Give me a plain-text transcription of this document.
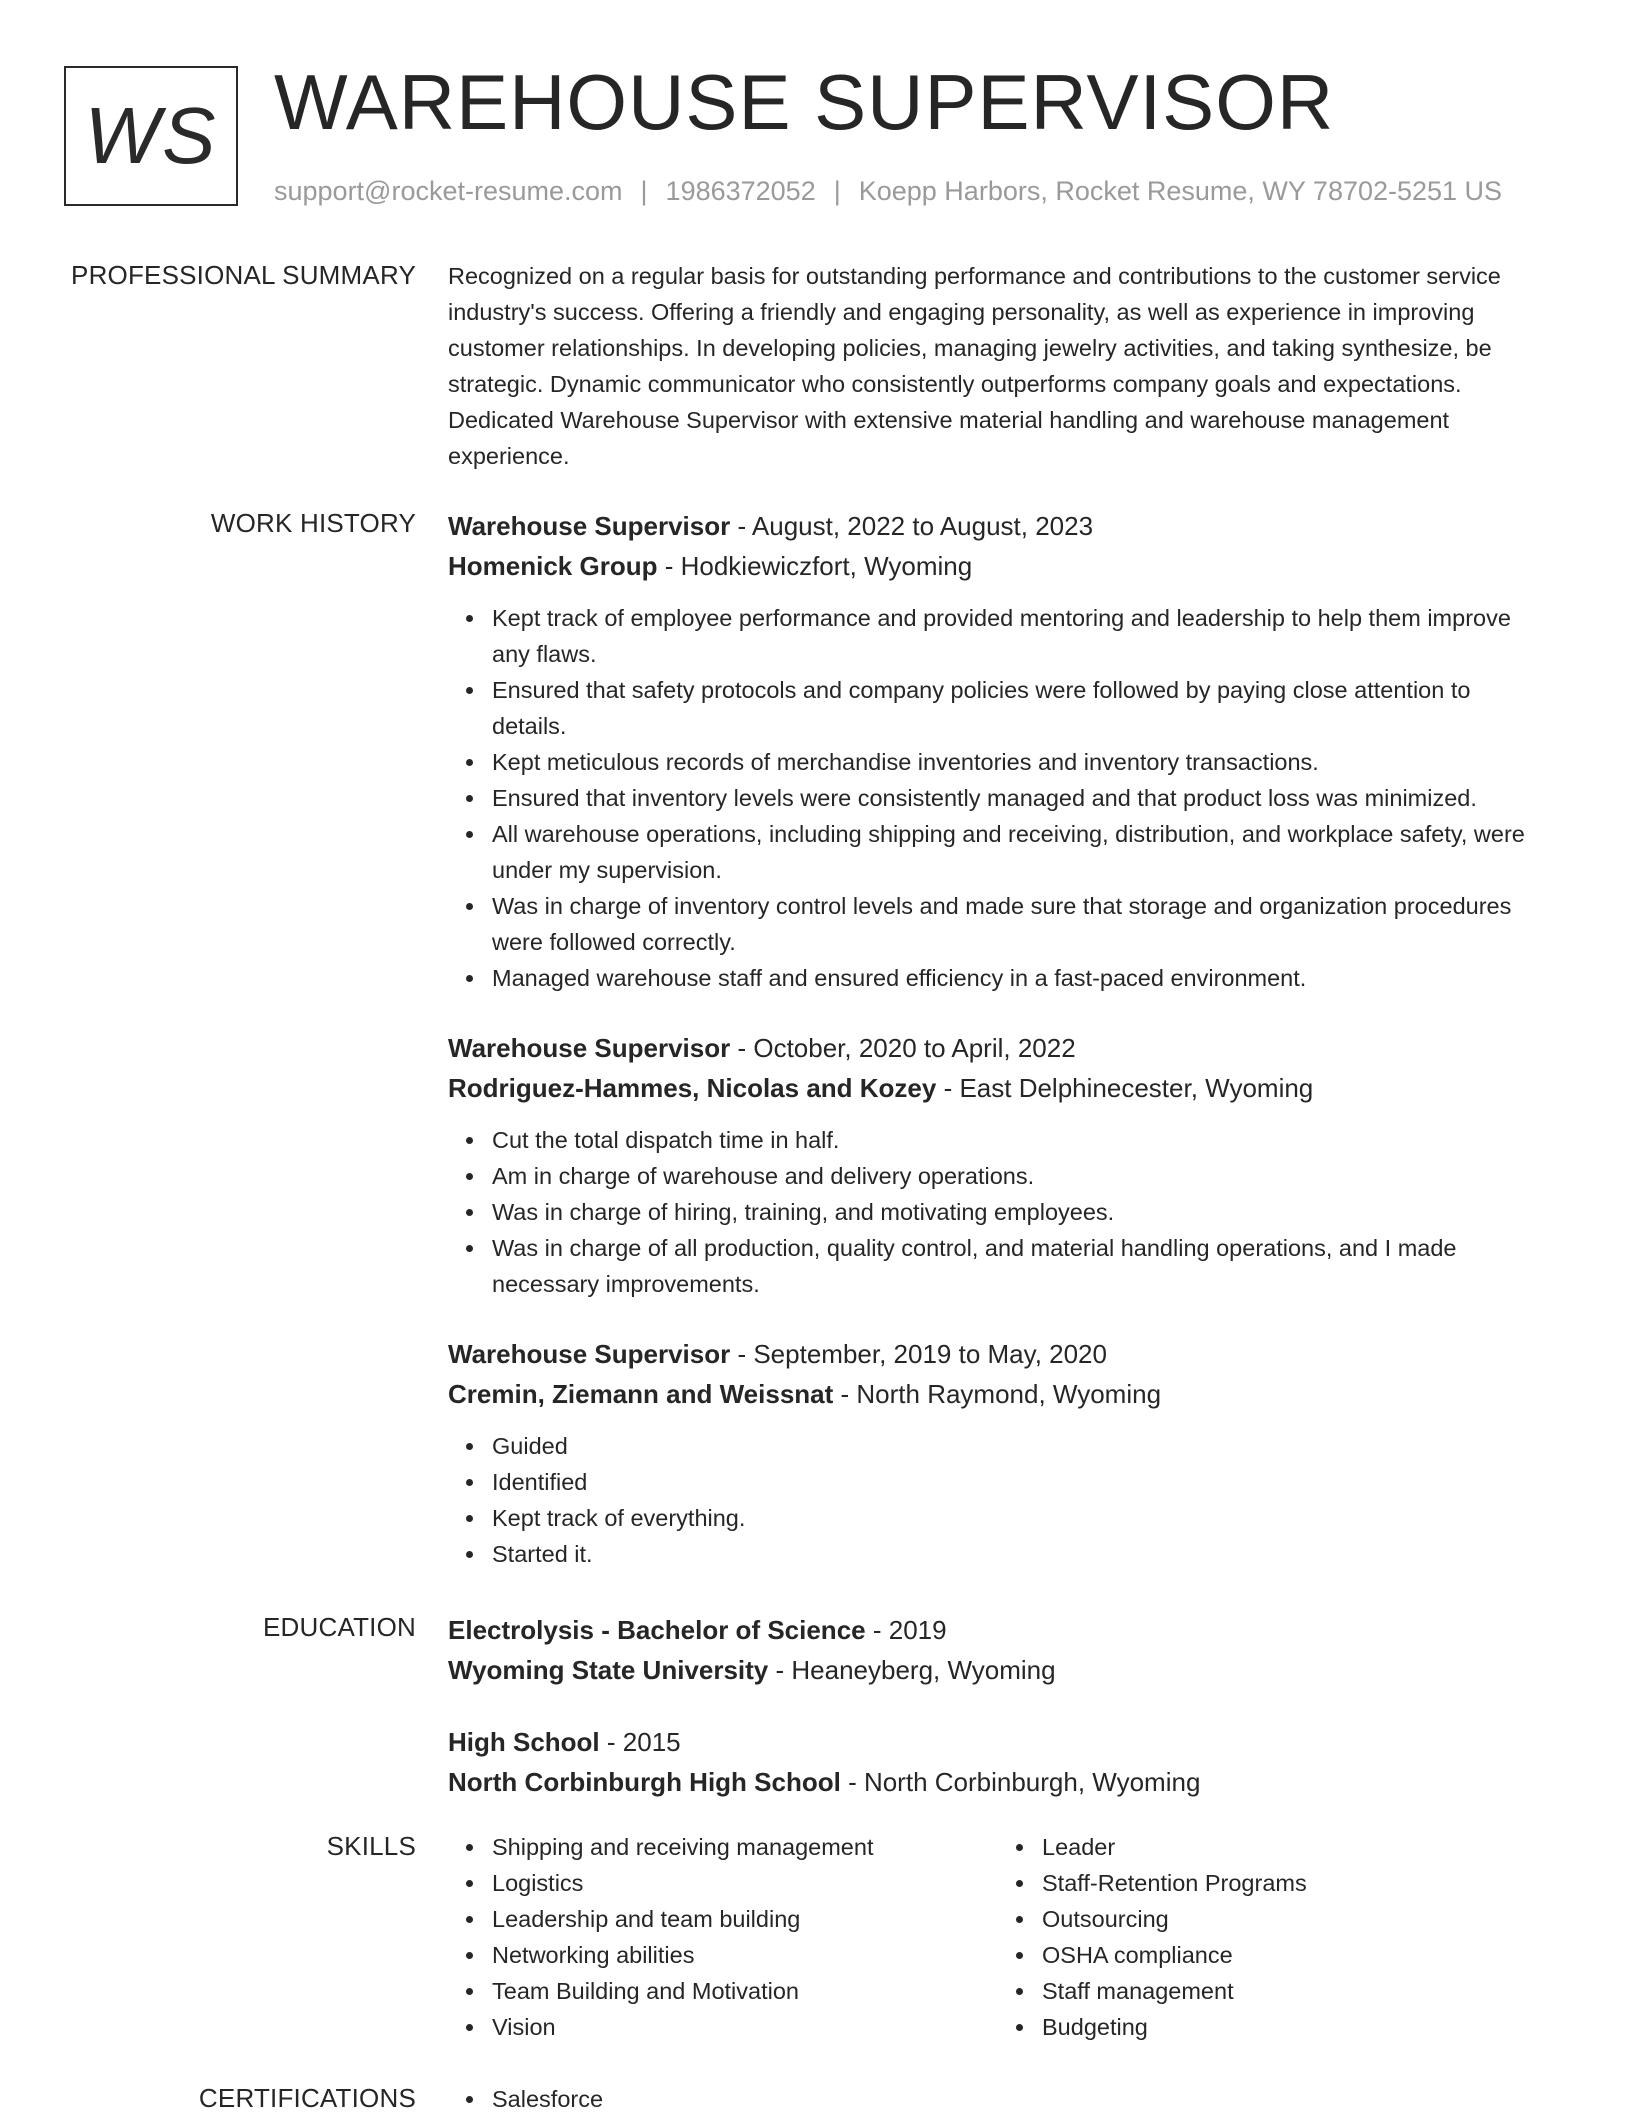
WS WAREHOUSE SUPERVISOR
support@rocket-resume.com | 1986372052 | Koepp Harbors, Rocket Resume, WY 78702-5251 US
PROFESSIONAL SUMMARY Recognized on a regular basis for outstanding performance and contributions to the customer service industry's success. Offering a friendly and engaging personality, as well as experience in improving customer relationships. In developing policies, managing jewelry activities, and taking synthesize, be strategic. Dynamic communicator who consistently outperforms company goals and expectations. Dedicated Warehouse Supervisor with extensive material handling and warehouse management experience.

WORK HISTORY Warehouse Supervisor - August, 2022 to August, 2023
Homenick Group - Hodkiewiczfort, Wyoming
Kept track of employee performance and provided mentoring and leadership to help them improve any flaws.
Ensured that safety protocols and company policies were followed by paying close attention to details.
Kept meticulous records of merchandise inventories and inventory transactions.
Ensured that inventory levels were consistently managed and that product loss was minimized.
All warehouse operations, including shipping and receiving, distribution, and workplace safety, were under my supervision.
Was in charge of inventory control levels and made sure that storage and organization procedures were followed correctly.
Managed warehouse staff and ensured efficiency in a fast-paced environment.
Warehouse Supervisor - October, 2020 to April, 2022
Rodriguez-Hammes, Nicolas and Kozey - East Delphinecester, Wyoming
Cut the total dispatch time in half.
Am in charge of warehouse and delivery operations.
Was in charge of hiring, training, and motivating employees.
Was in charge of all production, quality control, and material handling operations, and I made necessary improvements.
Warehouse Supervisor - September, 2019 to May, 2020
Cremin, Ziemann and Weissnat - North Raymond, Wyoming
Guided
Identified
Kept track of everything.
Started it.
EDUCATION Electrolysis - Bachelor of Science - 2019
Wyoming State University - Heaneyberg, Wyoming
High School - 2015
North Corbinburgh High School - North Corbinburgh, Wyoming
SKILLS	Shipping and receiving management
Logistics
Leadership and team building
Networking abilities
Team Building and Motivation
Vision
Leader
Staff-Retention Programs
Outsourcing
OSHA compliance
Staff management
Budgeting
CERTIFICATIONS	Salesforce
